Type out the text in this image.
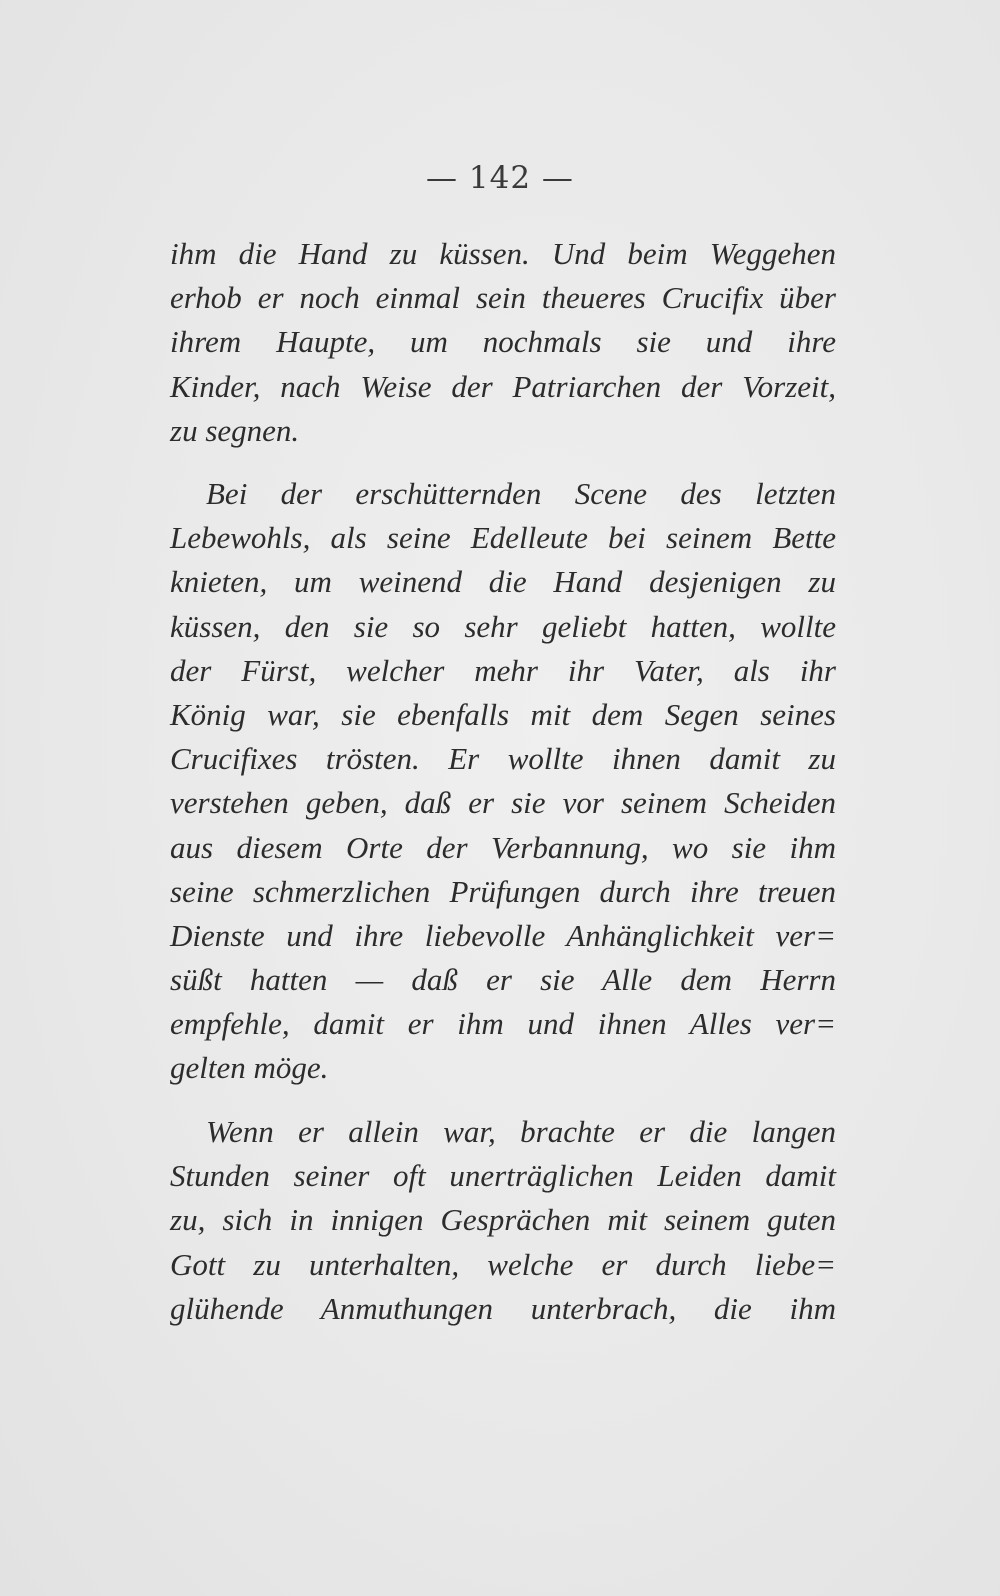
— 142 —
ihm die Hand zu küssen. Und beim Weggehen
erhob er noch einmal sein theueres Crucifix über
ihrem Haupte, um nochmals sie und ihre
Kinder, nach Weise der Patriarchen der Vorzeit,
zu segnen.
Bei der erschütternden Scene des letzten
Lebewohls, als seine Edelleute bei seinem Bette
knieten, um weinend die Hand desjenigen zu
küssen, den sie so sehr geliebt hatten, wollte
der Fürst, welcher mehr ihr Vater, als ihr
König war, sie ebenfalls mit dem Segen seines
Crucifixes trösten. Er wollte ihnen damit zu
verstehen geben, daß er sie vor seinem Scheiden
aus diesem Orte der Verbannung, wo sie ihm
seine schmerzlichen Prüfungen durch ihre treuen
Dienste und ihre liebevolle Anhänglichkeit ver=
süßt hatten — daß er sie Alle dem Herrn
empfehle, damit er ihm und ihnen Alles ver=
gelten möge.
Wenn er allein war, brachte er die langen
Stunden seiner oft unerträglichen Leiden damit
zu, sich in innigen Gesprächen mit seinem guten
Gott zu unterhalten, welche er durch liebe=
glühende Anmuthungen unterbrach, die ihm
